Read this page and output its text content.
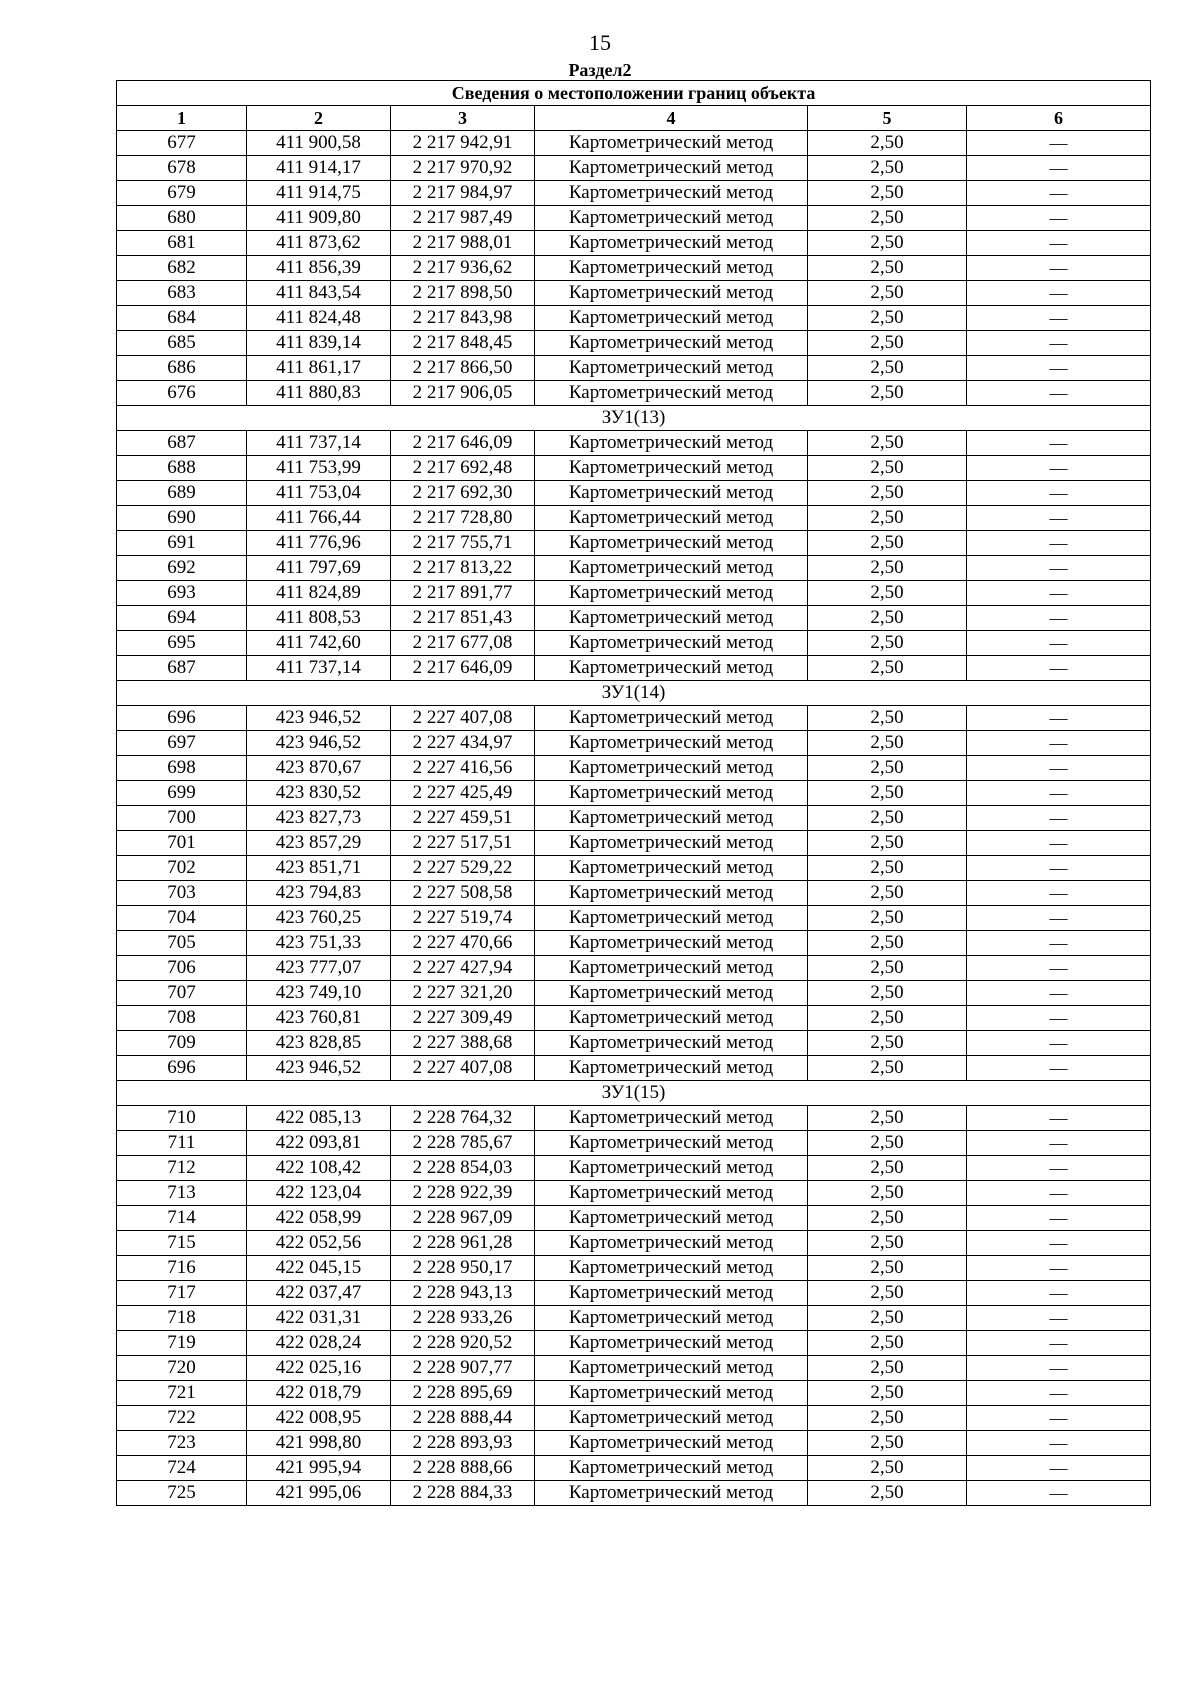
15
Раздел2
Сведения о местоположении границ объекта					
1	2	3	4	5	6
677	411 900,58	2 217 942,91	Картометрический метод	2,50	—
678	411 914,17	2 217 970,92	Картометрический метод	2,50	—
679	411 914,75	2 217 984,97	Картометрический метод	2,50	—
680	411 909,80	2 217 987,49	Картометрический метод	2,50	—
681	411 873,62	2 217 988,01	Картометрический метод	2,50	—
682	411 856,39	2 217 936,62	Картометрический метод	2,50	—
683	411 843,54	2 217 898,50	Картометрический метод	2,50	—
684	411 824,48	2 217 843,98	Картометрический метод	2,50	—
685	411 839,14	2 217 848,45	Картометрический метод	2,50	—
686	411 861,17	2 217 866,50	Картометрический метод	2,50	—
676	411 880,83	2 217 906,05	Картометрический метод	2,50	—
ЗУ1(13)					
687	411 737,14	2 217 646,09	Картометрический метод	2,50	—
688	411 753,99	2 217 692,48	Картометрический метод	2,50	—
689	411 753,04	2 217 692,30	Картометрический метод	2,50	—
690	411 766,44	2 217 728,80	Картометрический метод	2,50	—
691	411 776,96	2 217 755,71	Картометрический метод	2,50	—
692	411 797,69	2 217 813,22	Картометрический метод	2,50	—
693	411 824,89	2 217 891,77	Картометрический метод	2,50	—
694	411 808,53	2 217 851,43	Картометрический метод	2,50	—
695	411 742,60	2 217 677,08	Картометрический метод	2,50	—
687	411 737,14	2 217 646,09	Картометрический метод	2,50	—
ЗУ1(14)					
696	423 946,52	2 227 407,08	Картометрический метод	2,50	—
697	423 946,52	2 227 434,97	Картометрический метод	2,50	—
698	423 870,67	2 227 416,56	Картометрический метод	2,50	—
699	423 830,52	2 227 425,49	Картометрический метод	2,50	—
700	423 827,73	2 227 459,51	Картометрический метод	2,50	—
701	423 857,29	2 227 517,51	Картометрический метод	2,50	—
702	423 851,71	2 227 529,22	Картометрический метод	2,50	—
703	423 794,83	2 227 508,58	Картометрический метод	2,50	—
704	423 760,25	2 227 519,74	Картометрический метод	2,50	—
705	423 751,33	2 227 470,66	Картометрический метод	2,50	—
706	423 777,07	2 227 427,94	Картометрический метод	2,50	—
707	423 749,10	2 227 321,20	Картометрический метод	2,50	—
708	423 760,81	2 227 309,49	Картометрический метод	2,50	—
709	423 828,85	2 227 388,68	Картометрический метод	2,50	—
696	423 946,52	2 227 407,08	Картометрический метод	2,50	—
ЗУ1(15)					
710	422 085,13	2 228 764,32	Картометрический метод	2,50	—
711	422 093,81	2 228 785,67	Картометрический метод	2,50	—
712	422 108,42	2 228 854,03	Картометрический метод	2,50	—
713	422 123,04	2 228 922,39	Картометрический метод	2,50	—
714	422 058,99	2 228 967,09	Картометрический метод	2,50	—
715	422 052,56	2 228 961,28	Картометрический метод	2,50	—
716	422 045,15	2 228 950,17	Картометрический метод	2,50	—
717	422 037,47	2 228 943,13	Картометрический метод	2,50	—
718	422 031,31	2 228 933,26	Картометрический метод	2,50	—
719	422 028,24	2 228 920,52	Картометрический метод	2,50	—
720	422 025,16	2 228 907,77	Картометрический метод	2,50	—
721	422 018,79	2 228 895,69	Картометрический метод	2,50	—
722	422 008,95	2 228 888,44	Картометрический метод	2,50	—
723	421 998,80	2 228 893,93	Картометрический метод	2,50	—
724	421 995,94	2 228 888,66	Картометрический метод	2,50	—
725	421 995,06	2 228 884,33	Картометрический метод	2,50	—
